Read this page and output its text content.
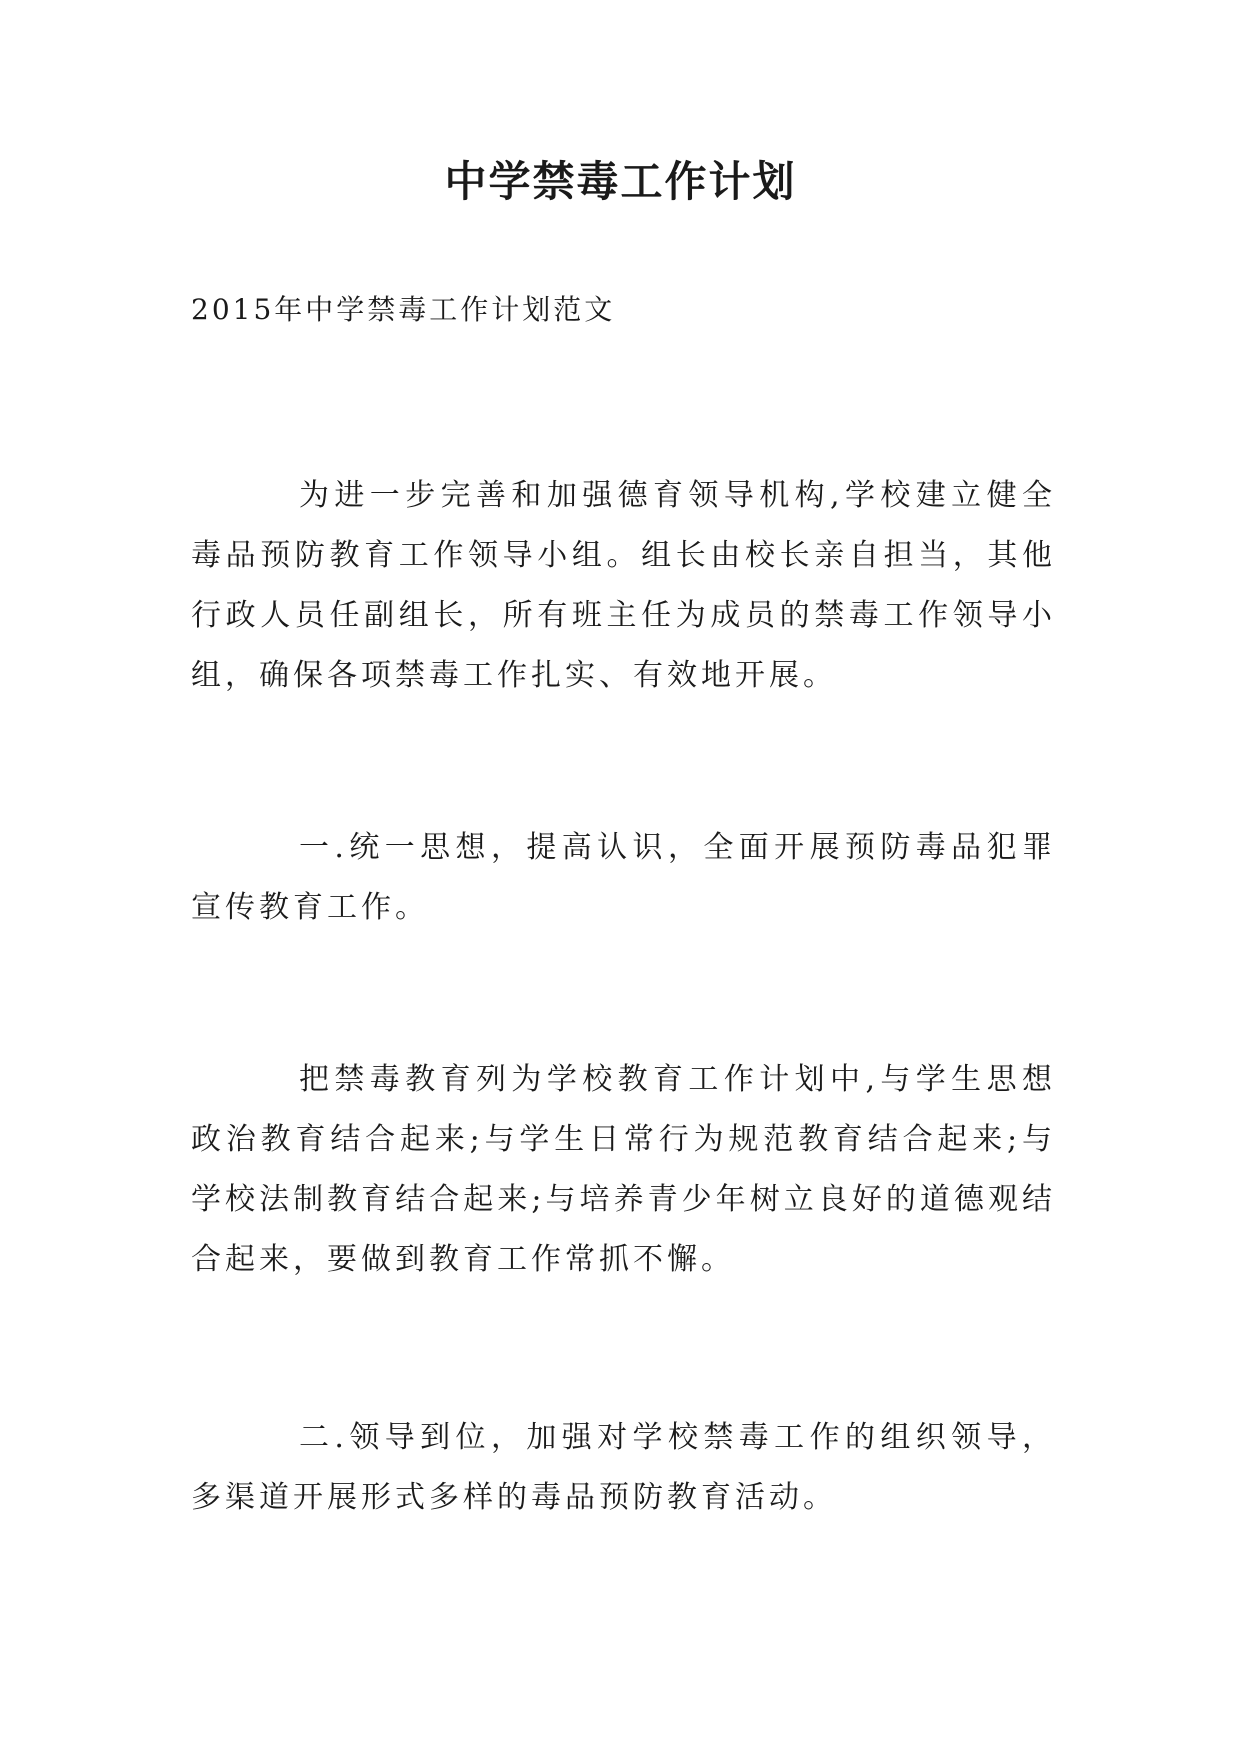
中学禁毒工作计划
2015年中学禁毒工作计划范文

为进一步完善和加强德育领导机构,学校建立健全毒品预防教育工作领导小组。组长由校长亲自担当，其他行政人员任副组长，所有班主任为成员的禁毒工作领导小组，确保各项禁毒工作扎实、有效地开展。

一.统一思想，提高认识，全面开展预防毒品犯罪宣传教育工作。

把禁毒教育列为学校教育工作计划中,与学生思想政治教育结合起来;与学生日常行为规范教育结合起来;与学校法制教育结合起来;与培养青少年树立良好的道德观结合起来，要做到教育工作常抓不懈。

二.领导到位，加强对学校禁毒工作的组织领导，多渠道开展形式多样的毒品预防教育活动。
